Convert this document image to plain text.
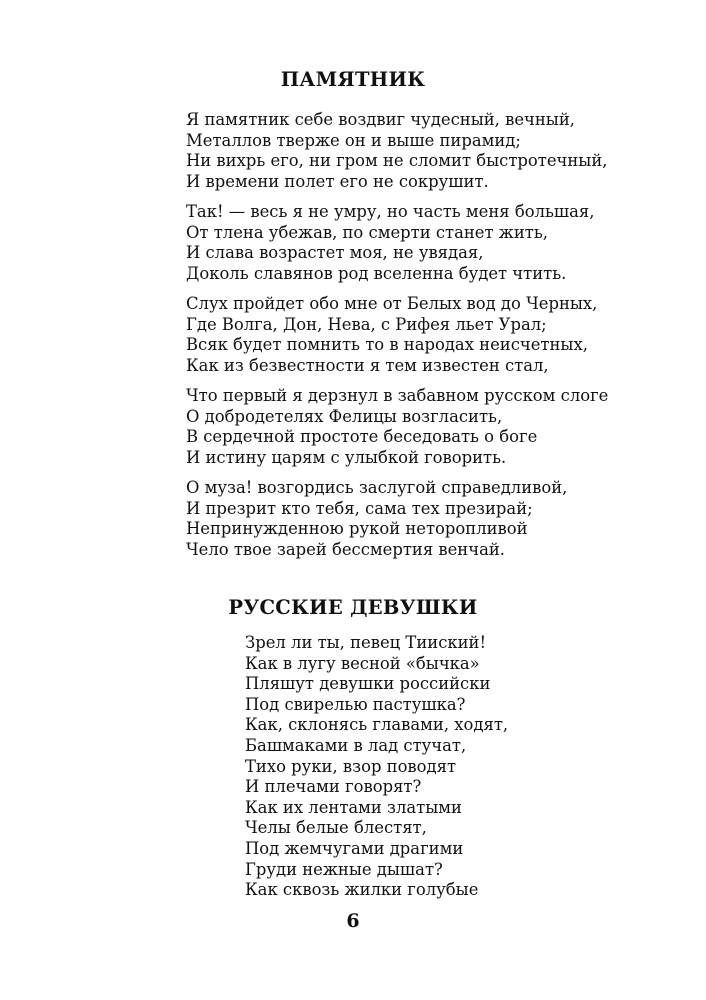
ПАМЯТНИК

Я памятник себе воздвиг чудесный, вечный,
Металлов тверже он и выше пирамид;
Ни вихрь его, ни гром не сломит быстротечный,
И времени полет его не сокрушит.

Так! — весь я не умру, но часть меня большая,
От тлена убежав, по смерти станет жить,
И слава возрастет моя, не увядая,
Доколь славянов род вселенна будет чтить.

Слух пройдет обо мне от Белых вод до Черных,
Где Волга, Дон, Нева, с Рифея льет Урал;
Всяк будет помнить то в народах неисчетных,
Как из безвестности я тем известен стал,

Что первый я дерзнул в забавном русском слоге
О добродетелях Фелицы возгласить,
В сердечной простоте беседовать о боге
И истину царям с улыбкой говорить.

О муза! возгордись заслугой справедливой,
И презрит кто тебя, сама тех презирай;
Непринужденною рукой неторопливой
Чело твое зарей бессмертия венчай.

РУССКИЕ ДЕВУШКИ
Зрел ли ты, певец Тииский!
Как в лугу весной «бычка»
Пляшут девушки российски
Под свирелью пастушка?
Как, склонясь главами, ходят,
Башмаками в лад стучат,
Тихо руки, взор поводят
И плечами говорят?
Как их лентами златыми
Челы белые блестят,
Под жемчугами драгими
Груди нежные дышат?
Как сквозь жилки голубые
6
